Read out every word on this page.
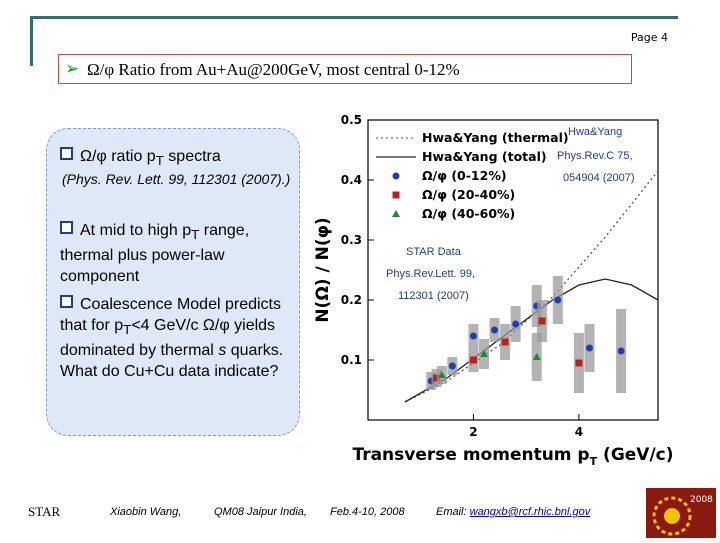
Page 4
➢ Ω/φ Ratio from Au+Au@200GeV, most central 0-12%
Ω/φ ratio $p_T$ spectra
(Phys. Rev. Lett. 99, 112301 (2007).)
At mid to high $p_T$ range, thermal plus power-law component
Coalescence Model predicts that for $p_T<4$ GeV/c Ω/φ yields dominated by thermal s quarks. What do Cu+Cu data indicate?
0.1
0.2
0.3
0.4
0.5
2	4
N(Ω) / N(φ)
Transverse momentum $p_T$ (GeV/c)
Hwa&Yang (thermal)
Hwa&Yang (total)
Ω/φ (0-12%)
Ω/φ (20-40%)
Ω/φ (40-60%)
Hwa&Yang
Phys.Rev.C 75,
054904 (2007)
STAR Data
Phys.Rev.Lett. 99,
112301 (2007)
STAR	Xiaobin Wang,	QM08 Jaipur India, Feb.4-10, 2008	Email: wangxb@rcf.rhic.bnl.gov
2008
